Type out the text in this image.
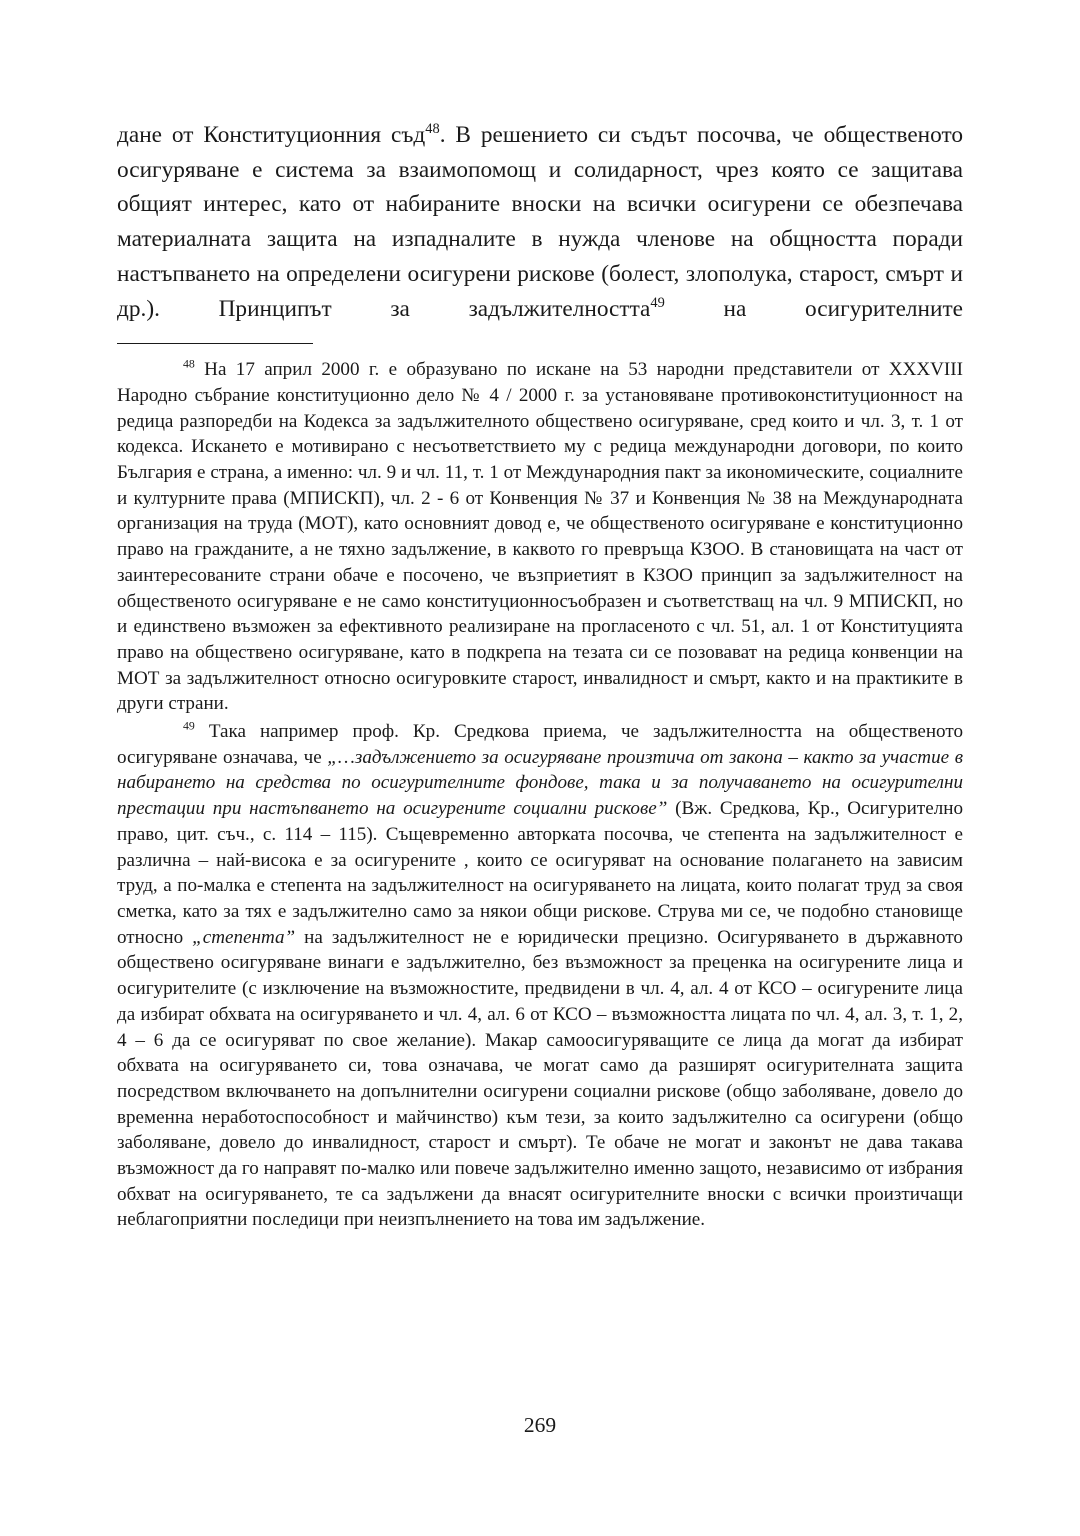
дане от Конституционния съд$^{48}$. В решението си съдът посочва, че общественото осигуряване е система за взаимопомощ и солидарност, чрез която се защитава общият интерес, като от набираните вноски на всички осигурени се обезпечава материалната защита на изпадналите в нужда членове на общността поради настъпването на определени осигурени рискове (болест, злополука, старост, смърт и др.). Принципът за задължителността$^{49}$ на осигурителните

$^{48}$ На 17 април 2000 г. е образувано по искане на 53 народни представители от XXXVIII Народно събрание конституционно дело № 4 / 2000 г. за установяване противоконституционност на редица разпоредби на Кодекса за задължителното обществено осигуряване, сред които и чл. 3, т. 1 от кодекса. Искането е мотивирано с несъответствието му с редица международни договори, по които България е страна, а именно: чл. 9 и чл. 11, т. 1 от Международния пакт за икономическите, социалните и културните права (МПИСКП), чл. 2 - 6 от Конвенция № 37 и Конвенция № 38 на Международната организация на труда (МОТ), като основният довод е, че общественото осигуряване е конституционно право на гражданите, а не тяхно задължение, в каквото го превръща КЗОО. В становищата на част от заинтересованите страни обаче е посочено, че възприетият в КЗОО принцип за задължителност на общественото осигуряване е не само конституционносъобразен и съответстващ на чл. 9 МПИСКП, но и единствено възможен за ефективното реализиране на прогласеното с чл. 51, ал. 1 от Конституцията право на обществено осигуряване, като в подкрепа на тезата си се позовават на редица конвенции на МОТ за задължителност относно осигуровките старост, инвалидност и смърт, както и на практиките в други страни.

$^{49}$ Така например проф. Кр. Средкова приема, че задължителността на общественото осигуряване означава, че „…задължението за осигуряване произтича от закона – както за участие в набирането на средства по осигурителните фондове, така и за получаването на осигурителни престации при настъпването на осигурените социални рискове” (Вж. Средкова, Кр., Осигурително право, цит. съч., с. 114 – 115). Същевременно авторката посочва, че степента на задължителност е различна – най-висока е за осигурените , които се осигуряват на основание полагането на зависим труд, а по-малка е степента на задължителност на осигуряването на лицата, които полагат труд за своя сметка, като за тях е задължително само за някои общи рискове. Струва ми се, че подобно становище относно „степента” на задължителност не е юридически прецизно. Осигуряването в държавното обществено осигуряване винаги е задължително, без възможност за преценка на осигурените лица и осигурителите (с изключение на възможностите, предвидени в чл. 4, ал. 4 от КСО – осигурените лица да избират обхвата на осигуряването и чл. 4, ал. 6 от КСО – възможността лицата по чл. 4, ал. 3, т. 1, 2, 4 – 6 да се осигуряват по свое желание). Макар самоосигуряващите се лица да могат да избират обхвата на осигуряването си, това означава, че могат само да разширят осигурителната защита посредством включването на допълнителни осигурени социални рискове (общо заболяване, довело до временна неработоспособност и майчинство) към тези, за които задължително са осигурени (общо заболяване, довело до инвалидност, старост и смърт). Те обаче не могат и законът не дава такава възможност да го направят по-малко или повече задължително именно защото, независимо от избрания обхват на осигуряването, те са задължени да внасят осигурителните вноски с всички произтичащи неблагоприятни последици при неизпълнението на това им задължение.

269
